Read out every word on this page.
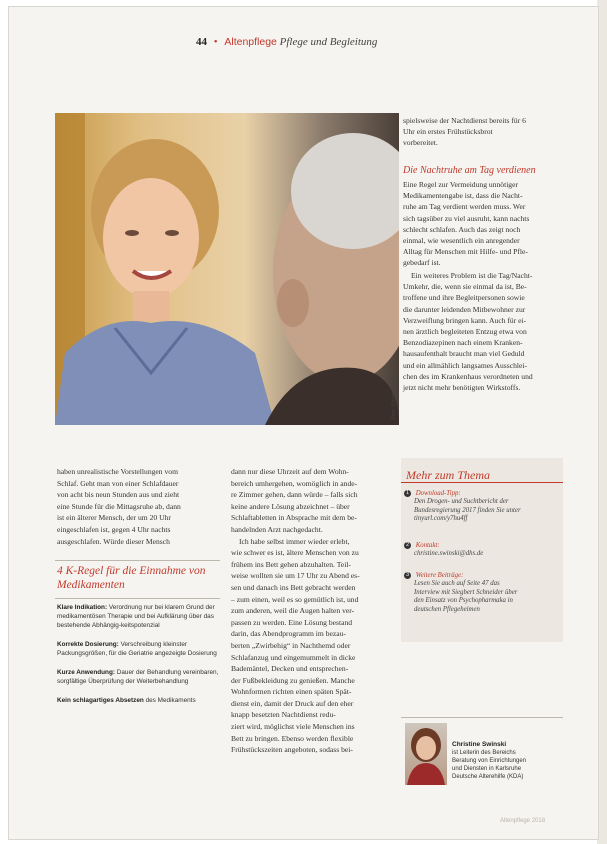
44 • Altenpflege Pflege und Begleitung
Foto: Werner Krüper

spielsweise der Nachtdienst bereits für 6

Uhr ein erstes Frühstücksbrot

vorbereitet.

Die Nachtruhe am Tag verdienen

Eine Regel zur Vermeidung unnötiger

Medikamentengabe ist, dass die Nacht-

ruhe am Tag verdient werden muss. Wer

sich tagsüber zu viel ausruht, kann nachts

schlecht schlafen. Auch das zeigt noch

einmal, wie wesentlich ein anregender

Alltag für Menschen mit Hilfe- und Pfle-

gebedarf ist.

Ein weiteres Problem ist die Tag/Nacht-

Umkehr, die, wenn sie einmal da ist, Be-

troffene und ihre Begleitpersonen sowie

die darunter leidenden Mitbewohner zur

Verzweiflung bringen kann. Auch für ei-

nen ärztlich begleiteten Entzug etwa von

Benzodiazepinen nach einem Kranken-

hausaufenthalt braucht man viel Geduld

und ein allmählich langsames Ausschlei-

chen des im Krankenhaus verordneten und

jetzt nicht mehr benötigten Wirkstoffs.

haben unrealistische Vorstellungen vom

Schlaf. Geht man von einer Schlafdauer

von acht bis neun Stunden aus und zieht

eine Stunde für die Mittagsruhe ab, dann

ist ein älterer Mensch, der um 20 Uhr

eingeschlafen ist, gegen 4 Uhr nachts

ausgeschlafen. Würde dieser Mensch

dann nur diese Uhrzeit auf dem Wohn-

bereich umhergehen, womöglich in ande-

re Zimmer gehen, dann würde – falls sich

keine andere Lösung abzeichnet – über

Schlaftabletten in Absprache mit dem be-

handelnden Arzt nachgedacht.

Ich habe selbst immer wieder erlebt,

wie schwer es ist, ältere Menschen von zu

frühem ins Bett gehen abzuhalten. Teil-

weise wollten sie um 17 Uhr zu Abend es-

sen und danach ins Bett gebracht werden

– zum einen, weil es so gemütlich ist, und

zum anderen, weil die Augen halten ver-

passen zu werden. Eine Lösung bestand

darin, das Abendprogramm im bezau-

berten „Zwirbehig“ in Nachthemd oder

Schlafanzug und eingemummelt in dicke

Bademäntel, Decken und entsprechen-

der Fußbekleidung zu genießen. Manche

Wohnformen richten einen späten Spät-

dienst ein, damit der Druck auf den eher

knapp besetzten Nachtdienst redu-

ziert wird, möglichst viele Menschen ins

Bett zu bringen. Ebenso werden flexible

Frühstückszeiten angeboten, sodass bei-

4 K-Regel für die Einnahme von Medikamenten
Klare Indikation: Verordnung nur bei klarem Grund der medikamentösen Therapie und bei Aufklärung über das bestehende Abhängig-keitspotenzial
Korrekte Dosierung: Verschreibung kleinster Packungsgrößen, für die Geriatrie angezeigte Dosierung
Kurze Anwendung: Dauer der Behandlung vereinbaren, sorgfältige Überprüfung der Weiterbehandlung
Kein schlagartiges Absetzen des Medikaments
Mehr zum Thema
1 Download-Tipp:
Den Drogen- und Suchtbericht der
Bundesregierung 2017 finden Sie unter
tinyurl.com/y7hu4ff
2 Kontakt:
christine.swinski@dhs.de
3 Weitere Beiträge:
Lesen Sie auch auf Seite 47 das
Interview mit Siegbert Schneider über
den Einsatz von Psychopharmaka in
deutschen Pflegeheimen
Christine Swinski
ist Leiterin des Bereichs
Beratung von Einrichtungen
und Diensten in Karlsruhe
Deutsche Alterehilfe (KDA)
Altenpflege 2018
